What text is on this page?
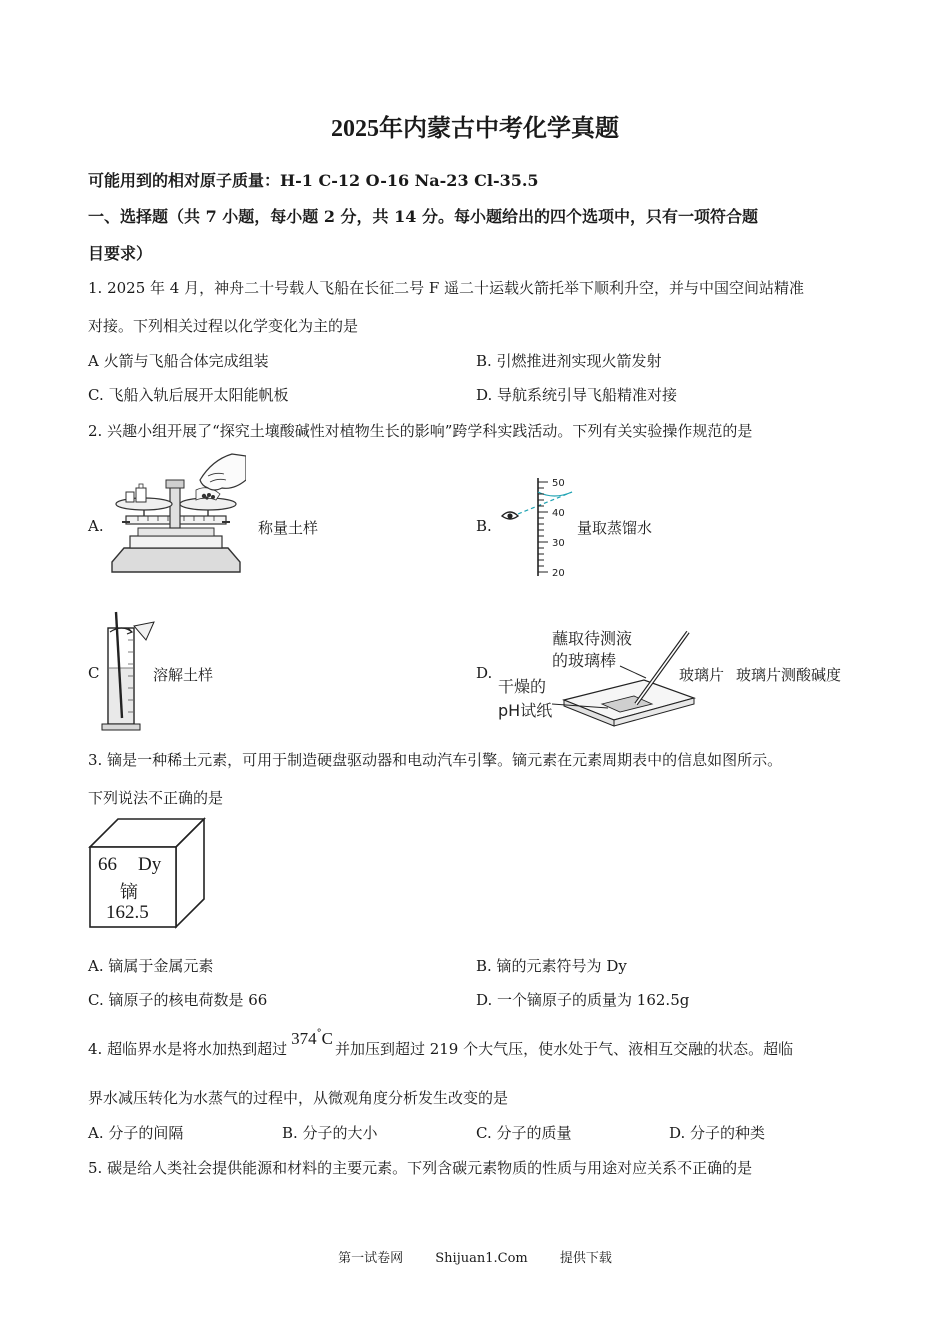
2025年内蒙古中考化学真题
可能用到的相对原子质量：H-1 C-12 O-16 Na-23 Cl-35.5
一、选择题（共 7 小题，每小题 2 分，共 14 分。每小题给出的四个选项中，只有一项符合题
目要求）
1. 2025 年 4 月，神舟二十号载人飞船在长征二号 F 遥二十运载火箭托举下顺利升空，并与中国空间站精准
对接。下列相关过程以化学变化为主的是
A 火箭与飞船合体完成组装	B. 引燃推进剂实现火箭发射
C. 飞船入轨后展开太阳能帆板	D. 导航系统引导飞船精准对接
2. 兴趣小组开展了“探究土壤酸碱性对植物生长的影响”跨学科实践活动。下列有关实验操作规范的是
A.	称量土样	B.
50
40
30
20
量取蒸馏水
C	溶解土样	D.
蘸取待测液
的玻璃棒
干燥的
pH试纸
玻璃片 玻璃片测酸碱度
3. 镝是一种稀土元素，可用于制造硬盘驱动器和电动汽车引擎。镝元素在元素周期表中的信息如图所示。
下列说法不正确的是
66 Dy
镝
162.5
A. 镝属于金属元素	B. 镝的元素符号为 Dy
C. 镝原子的核电荷数是 66	D. 一个镝原子的质量为 162.5g
4. 超临界水是将水加热到超过374°C并加压到超过 219 个大气压，使水处于气、液相互交融的状态。超临
界水减压转化为水蒸气的过程中，从微观角度分析发生改变的是
A. 分子的间隔	B. 分子的大小	C. 分子的质量	D. 分子的种类
5. 碳是给人类社会提供能源和材料的主要元素。下列含碳元素物质的性质与用途对应关系不正确的是
第一试卷网 Shijuan1.Com 提供下载
